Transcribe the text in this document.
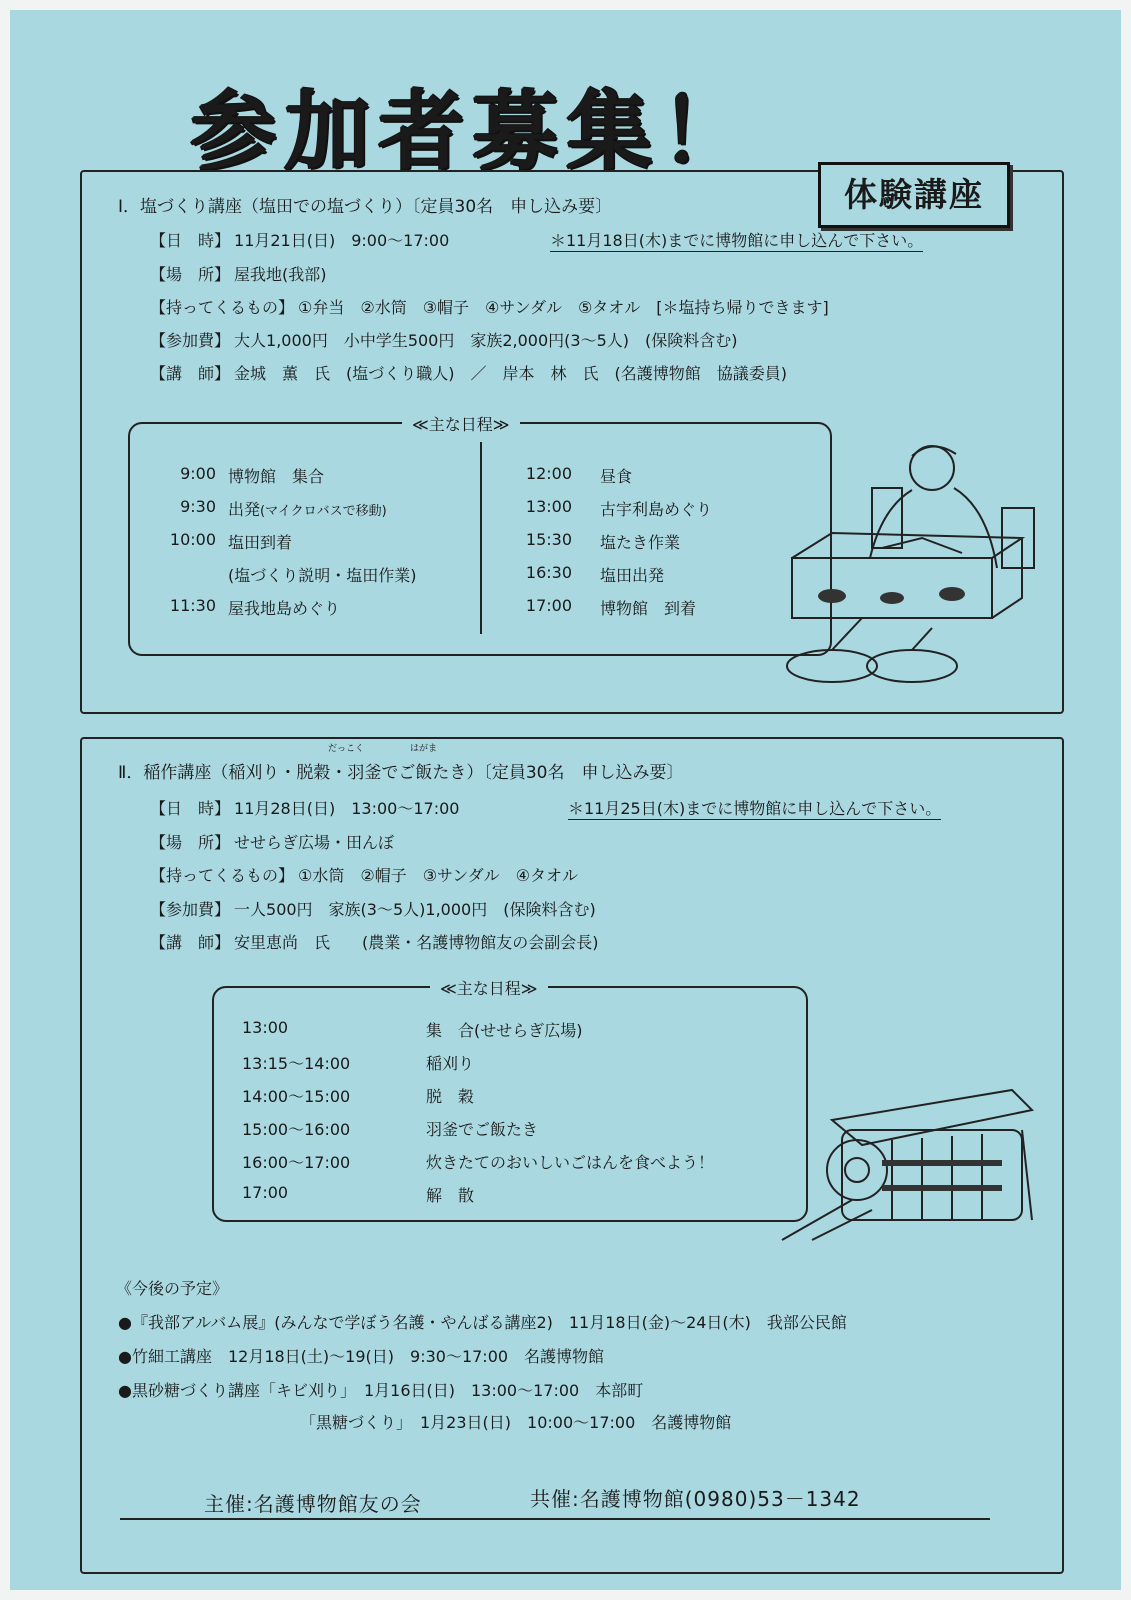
参加者募集！
体験講座
Ⅰ．塩づくり講座（塩田での塩づくり）〔定員30名　申し込み要〕
【日　時】 11月21日(日)　9:00～17:00	＊11月18日(木)までに博物館に申し込んで下さい。
【場　所】 屋我地(我部)
【持ってくるもの】 ①弁当　②水筒　③帽子　④サンダル　⑤タオル　[＊塩持ち帰りできます]
【参加費】 大人1,000円　小中学生500円　家族2,000円(3～5人)　(保険料含む)
【講　師】 金城　薫　氏　(塩づくり職人)　／　岸本　林　氏　(名護博物館　協議委員)
≪主な日程≫
9:00 博物館　集合
9:30 出発(マイクロバスで移動)
10:00 塩田到着
(塩づくり説明・塩田作業)
11:30 屋我地島めぐり
12:00 昼食
13:00 古宇利島めぐり
15:30 塩たき作業
16:30 塩田出発
17:00 博物館　到着
だっこく	はがま
Ⅱ．稲作講座（稲刈り・脱穀・羽釜でご飯たき）〔定員30名　申し込み要〕
【日　時】 11月28日(日)　13:00～17:00	＊11月25日(木)までに博物館に申し込んで下さい。
【場　所】 せせらぎ広場・田んぼ
【持ってくるもの】 ①水筒　②帽子　③サンダル　④タオル
【参加費】 一人500円　家族(3～5人)1,000円　(保険料含む)
【講　師】 安里恵尚　氏　　(農業・名護博物館友の会副会長)
≪主な日程≫
13:00	集　合(せせらぎ広場)
13:15～14:00	稲刈り
14:00～15:00	脱　穀
15:00～16:00	羽釜でご飯たき
16:00～17:00	炊きたてのおいしいごはんを食べよう！
17:00	解　散
《今後の予定》
●『我部アルバム展』(みんなで学ぼう名護・やんばる講座2)　11月18日(金)～24日(木)　我部公民館
●竹細工講座　12月18日(土)～19(日)　9:30～17:00　名護博物館
●黒砂糖づくり講座「キビ刈り」　1月16日(日)　13:00～17:00　本部町
「黒糖づくり」　1月23日(日)　10:00～17:00　名護博物館
主催:名護博物館友の会	共催:名護博物館(0980)53－1342
